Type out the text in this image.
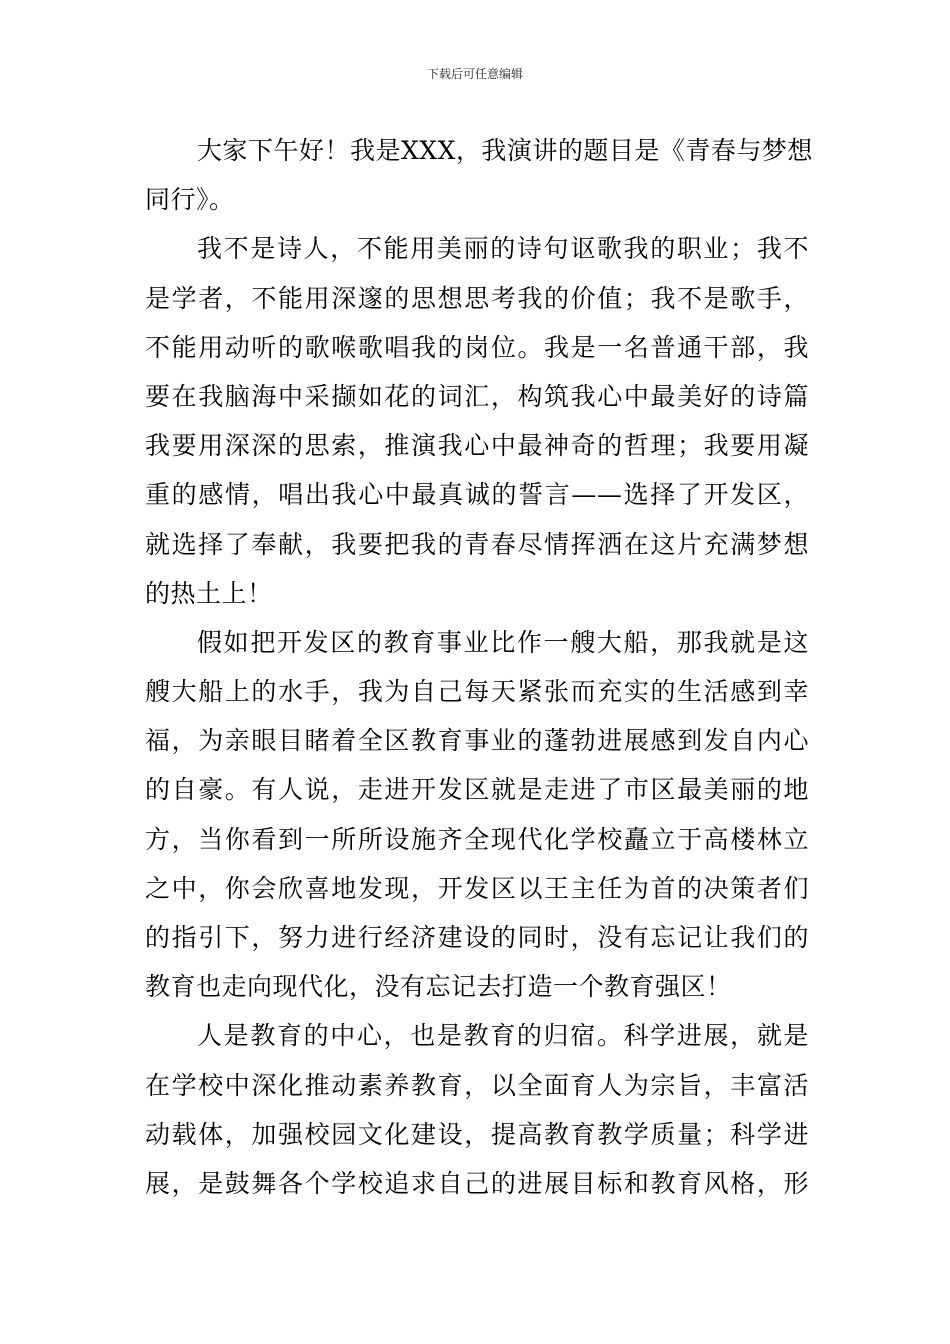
下载后可任意编辑
大家下午好！我是XXX，我演讲的题目是《青春与梦想
同行》。
我不是诗人，不能用美丽的诗句讴歌我的职业；我不
是学者，不能用深邃的思想思考我的价值；我不是歌手，
不能用动听的歌喉歌唱我的岗位。我是一名普通干部，我
要在我脑海中采撷如花的词汇，构筑我心中最美好的诗篇
我要用深深的思索，推演我心中最神奇的哲理；我要用凝
重的感情，唱出我心中最真诚的誓言——选择了开发区，
就选择了奉献，我要把我的青春尽情挥洒在这片充满梦想
的热土上！
假如把开发区的教育事业比作一艘大船，那我就是这
艘大船上的水手，我为自己每天紧张而充实的生活感到幸
福，为亲眼目睹着全区教育事业的蓬勃进展感到发自内心
的自豪。有人说，走进开发区就是走进了市区最美丽的地
方，当你看到一所所设施齐全现代化学校矗立于高楼林立
之中，你会欣喜地发现，开发区以王主任为首的决策者们
的指引下，努力进行经济建设的同时，没有忘记让我们的
教育也走向现代化，没有忘记去打造一个教育强区！
人是教育的中心，也是教育的归宿。科学进展，就是
在学校中深化推动素养教育，以全面育人为宗旨，丰富活
动载体，加强校园文化建设，提高教育教学质量；科学进
展，是鼓舞各个学校追求自己的进展目标和教育风格，形
